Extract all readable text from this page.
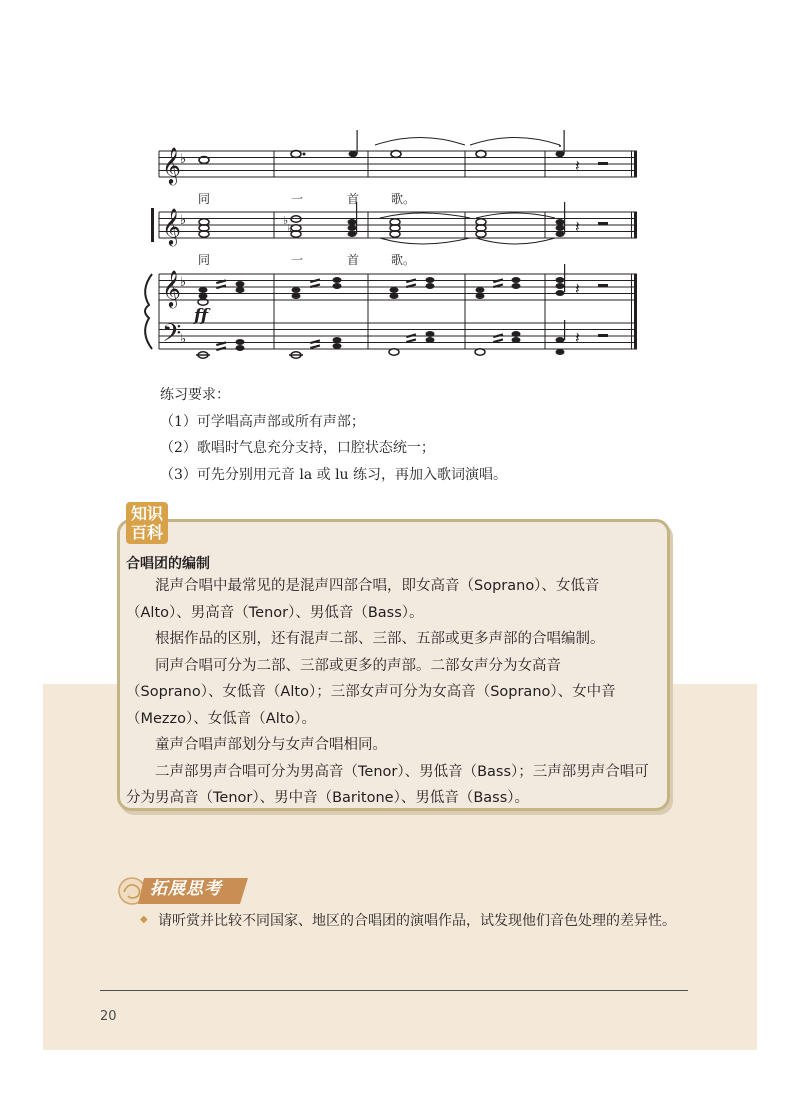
𝄞
𝄞
𝄞
𝄢
♭
♭
♭
♭
𝄽
♭
♭	𝄽
𝄽
𝄽
同	一	首	歌。
同	一	首	歌。
ff
练习要求：
（1）可学唱高声部或所有声部；
（2）歌唱时气息充分支持，口腔状态统一；
（3）可先分别用元音 la 或 lu 练习，再加入歌词演唱。
知识
百科
合唱团的编制

混声合唱中最常见的是混声四部合唱，即女高音（Soprano）、女低音（Alto）、男高音（Tenor）、男低音（Bass）。

根据作品的区别，还有混声二部、三部、五部或更多声部的合唱编制。

同声合唱可分为二部、三部或更多的声部。二部女声分为女高音（Soprano）、女低音（Alto）；三部女声可分为女高音（Soprano）、女中音（Mezzo）、女低音（Alto）。

童声合唱声部划分与女声合唱相同。

二声部男声合唱可分为男高音（Tenor）、男低音（Bass）；三声部男声合唱可分为男高音（Tenor）、男中音（Baritone）、男低音（Bass）。

拓展思考
◆ 请听赏并比较不同国家、地区的合唱团的演唱作品，试发现他们音色处理的差异性。
20
